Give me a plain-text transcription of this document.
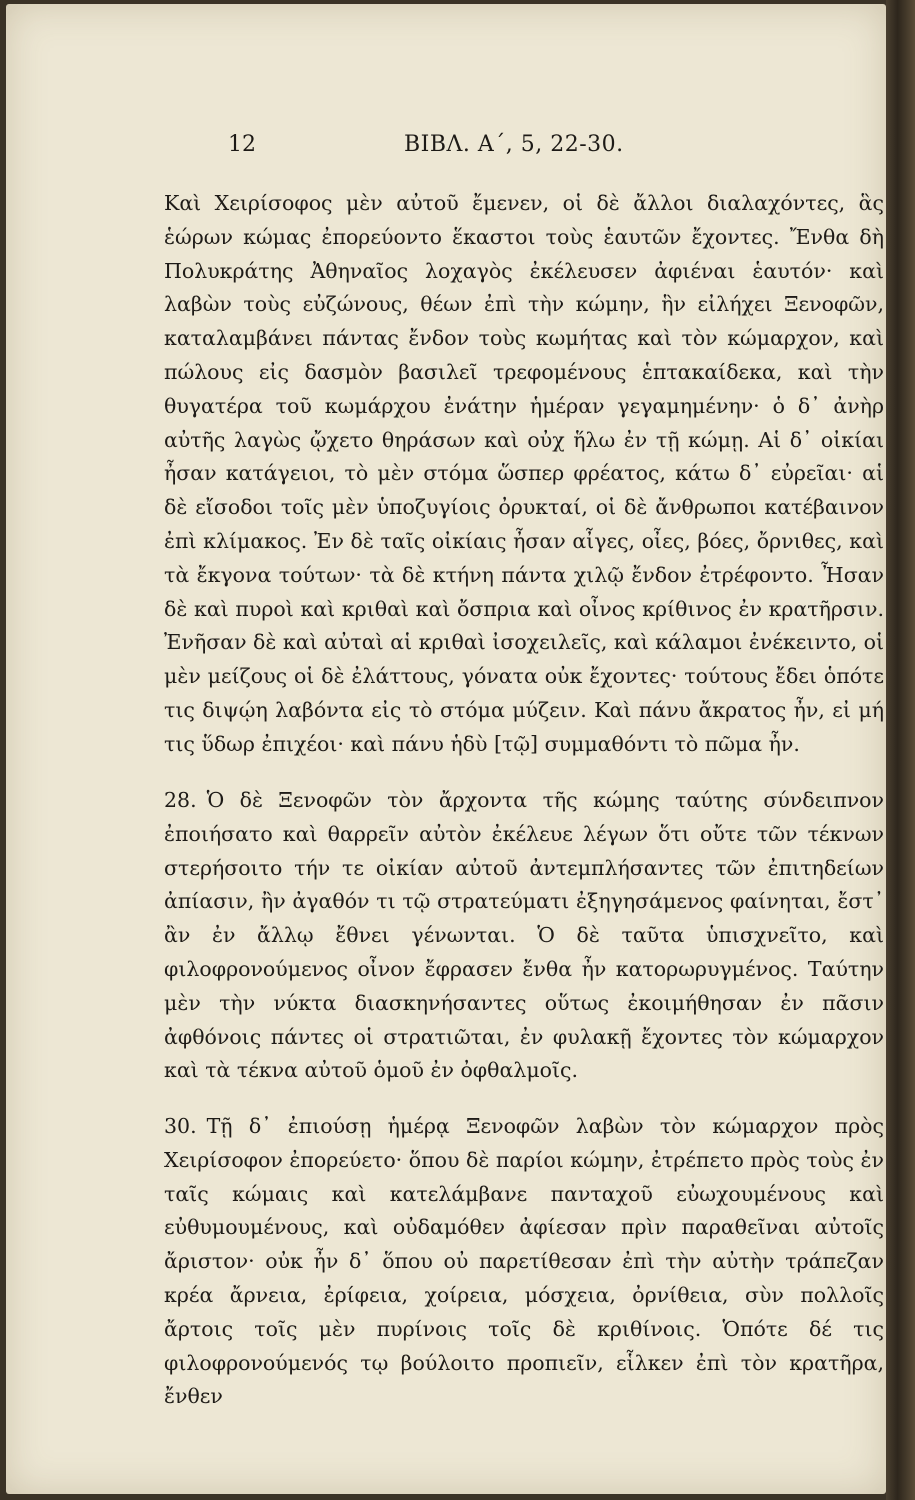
12	ΒΙΒΛ. Α΄, 5, 22-30.

Καὶ Χειρίσοφος μὲν αὐτοῦ ἔμενεν, οἱ δὲ ἄλλοι διαλαχόντες, ἃς ἑώρων κώμας ἐπορεύοντο ἕκαστοι τοὺς ἑαυτῶν ἔχοντες. Ἔνθα δὴ Πολυκράτης Ἀθηναῖος λοχαγὸς ἐκέλευσεν ἀφιέναι ἑαυτόν· καὶ λαβὼν τοὺς εὐζώνους, θέων ἐπὶ τὴν κώμην, ἣν εἰλήχει Ξενοφῶν, καταλαμβάνει πάντας ἔνδον τοὺς κωμήτας καὶ τὸν κώμαρχον, καὶ πώλους εἰς δασμὸν βασιλεῖ τρεφομένους ἑπτακαίδεκα, καὶ τὴν θυγατέρα τοῦ κωμάρχου ἐνάτην ἡμέραν γεγαμημένην· ὁ δ᾽ ἀνὴρ αὐτῆς λαγὼς ᾤχετο θηράσων καὶ οὐχ ἥλω ἐν τῇ κώμῃ. Αἱ δ᾽ οἰκίαι ἦσαν κατάγειοι, τὸ μὲν στόμα ὥσπερ φρέατος, κάτω δ᾽ εὐρεῖαι· αἱ δὲ εἴσοδοι τοῖς μὲν ὑποζυγίοις ὀρυκταί, οἱ δὲ ἄνθρωποι κατέβαινον ἐπὶ κλίμακος. Ἐν δὲ ταῖς οἰκίαις ἦσαν αἶγες, οἶες, βόες, ὄρνιθες, καὶ τὰ ἔκγονα τούτων· τὰ δὲ κτήνη πάντα χιλῷ ἔνδον ἐτρέφοντο. Ἦσαν δὲ καὶ πυροὶ καὶ κριθαὶ καὶ ὄσπρια καὶ οἶνος κρίθινος ἐν κρατῆρσιν. Ἐνῆσαν δὲ καὶ αὐταὶ αἱ κριθαὶ ἰσοχειλεῖς, καὶ κάλαμοι ἐνέκειντο, οἱ μὲν μείζους οἱ δὲ ἐλάττους, γόνατα οὐκ ἔχοντες· τούτους ἔδει ὁπότε τις διψῴη λαβόντα εἰς τὸ στόμα μύζειν. Καὶ πάνυ ἄκρατος ἦν, εἰ μή τις ὕδωρ ἐπιχέοι· καὶ πάνυ ἡδὺ [τῷ] συμμαθόντι τὸ πῶμα ἦν.

28. Ὁ δὲ Ξενοφῶν τὸν ἄρχοντα τῆς κώμης ταύτης σύνδειπνον ἐποιήσατο καὶ θαρρεῖν αὐτὸν ἐκέλευε λέγων ὅτι οὔτε τῶν τέκνων στερήσοιτο τήν τε οἰκίαν αὐτοῦ ἀντεμπλήσαντες τῶν ἐπιτηδείων ἀπίασιν, ἢν ἀγαθόν τι τῷ στρατεύματι ἐξηγησάμενος φαίνηται, ἔστ᾽ ἂν ἐν ἄλλῳ ἔθνει γένωνται. Ὁ δὲ ταῦτα ὑπισχνεῖτο, καὶ φιλοφρονούμενος οἶνον ἔφρασεν ἔνθα ἦν κατορωρυγμένος. Ταύτην μὲν τὴν νύκτα διασκηνήσαντες οὕτως ἐκοιμήθησαν ἐν πᾶσιν ἀφθόνοις πάντες οἱ στρατιῶται, ἐν φυλακῇ ἔχοντες τὸν κώμαρχον καὶ τὰ τέκνα αὐτοῦ ὁμοῦ ἐν ὀφθαλμοῖς.

30. Τῇ δ᾽ ἐπιούσῃ ἡμέρᾳ Ξενοφῶν λαβὼν τὸν κώμαρχον πρὸς Χειρίσοφον ἐπορεύετο· ὅπου δὲ παρίοι κώμην, ἐτρέπετο πρὸς τοὺς ἐν ταῖς κώμαις καὶ κατελάμβανε πανταχοῦ εὐωχουμένους καὶ εὐθυμουμένους, καὶ οὐδαμόθεν ἀφίεσαν πρὶν παραθεῖναι αὐτοῖς ἄριστον· οὐκ ἦν δ᾽ ὅπου οὐ παρετίθεσαν ἐπὶ τὴν αὐτὴν τράπεζαν κρέα ἄρνεια, ἐρίφεια, χοίρεια, μόσχεια, ὀρνίθεια, σὺν πολλοῖς ἄρτοις τοῖς μὲν πυρίνοις τοῖς δὲ κριθίνοις. Ὁπότε δέ τις φιλοφρονούμενός τῳ βούλοιτο προπιεῖν, εἷλκεν ἐπὶ τὸν κρατῆρα, ἔνθεν
